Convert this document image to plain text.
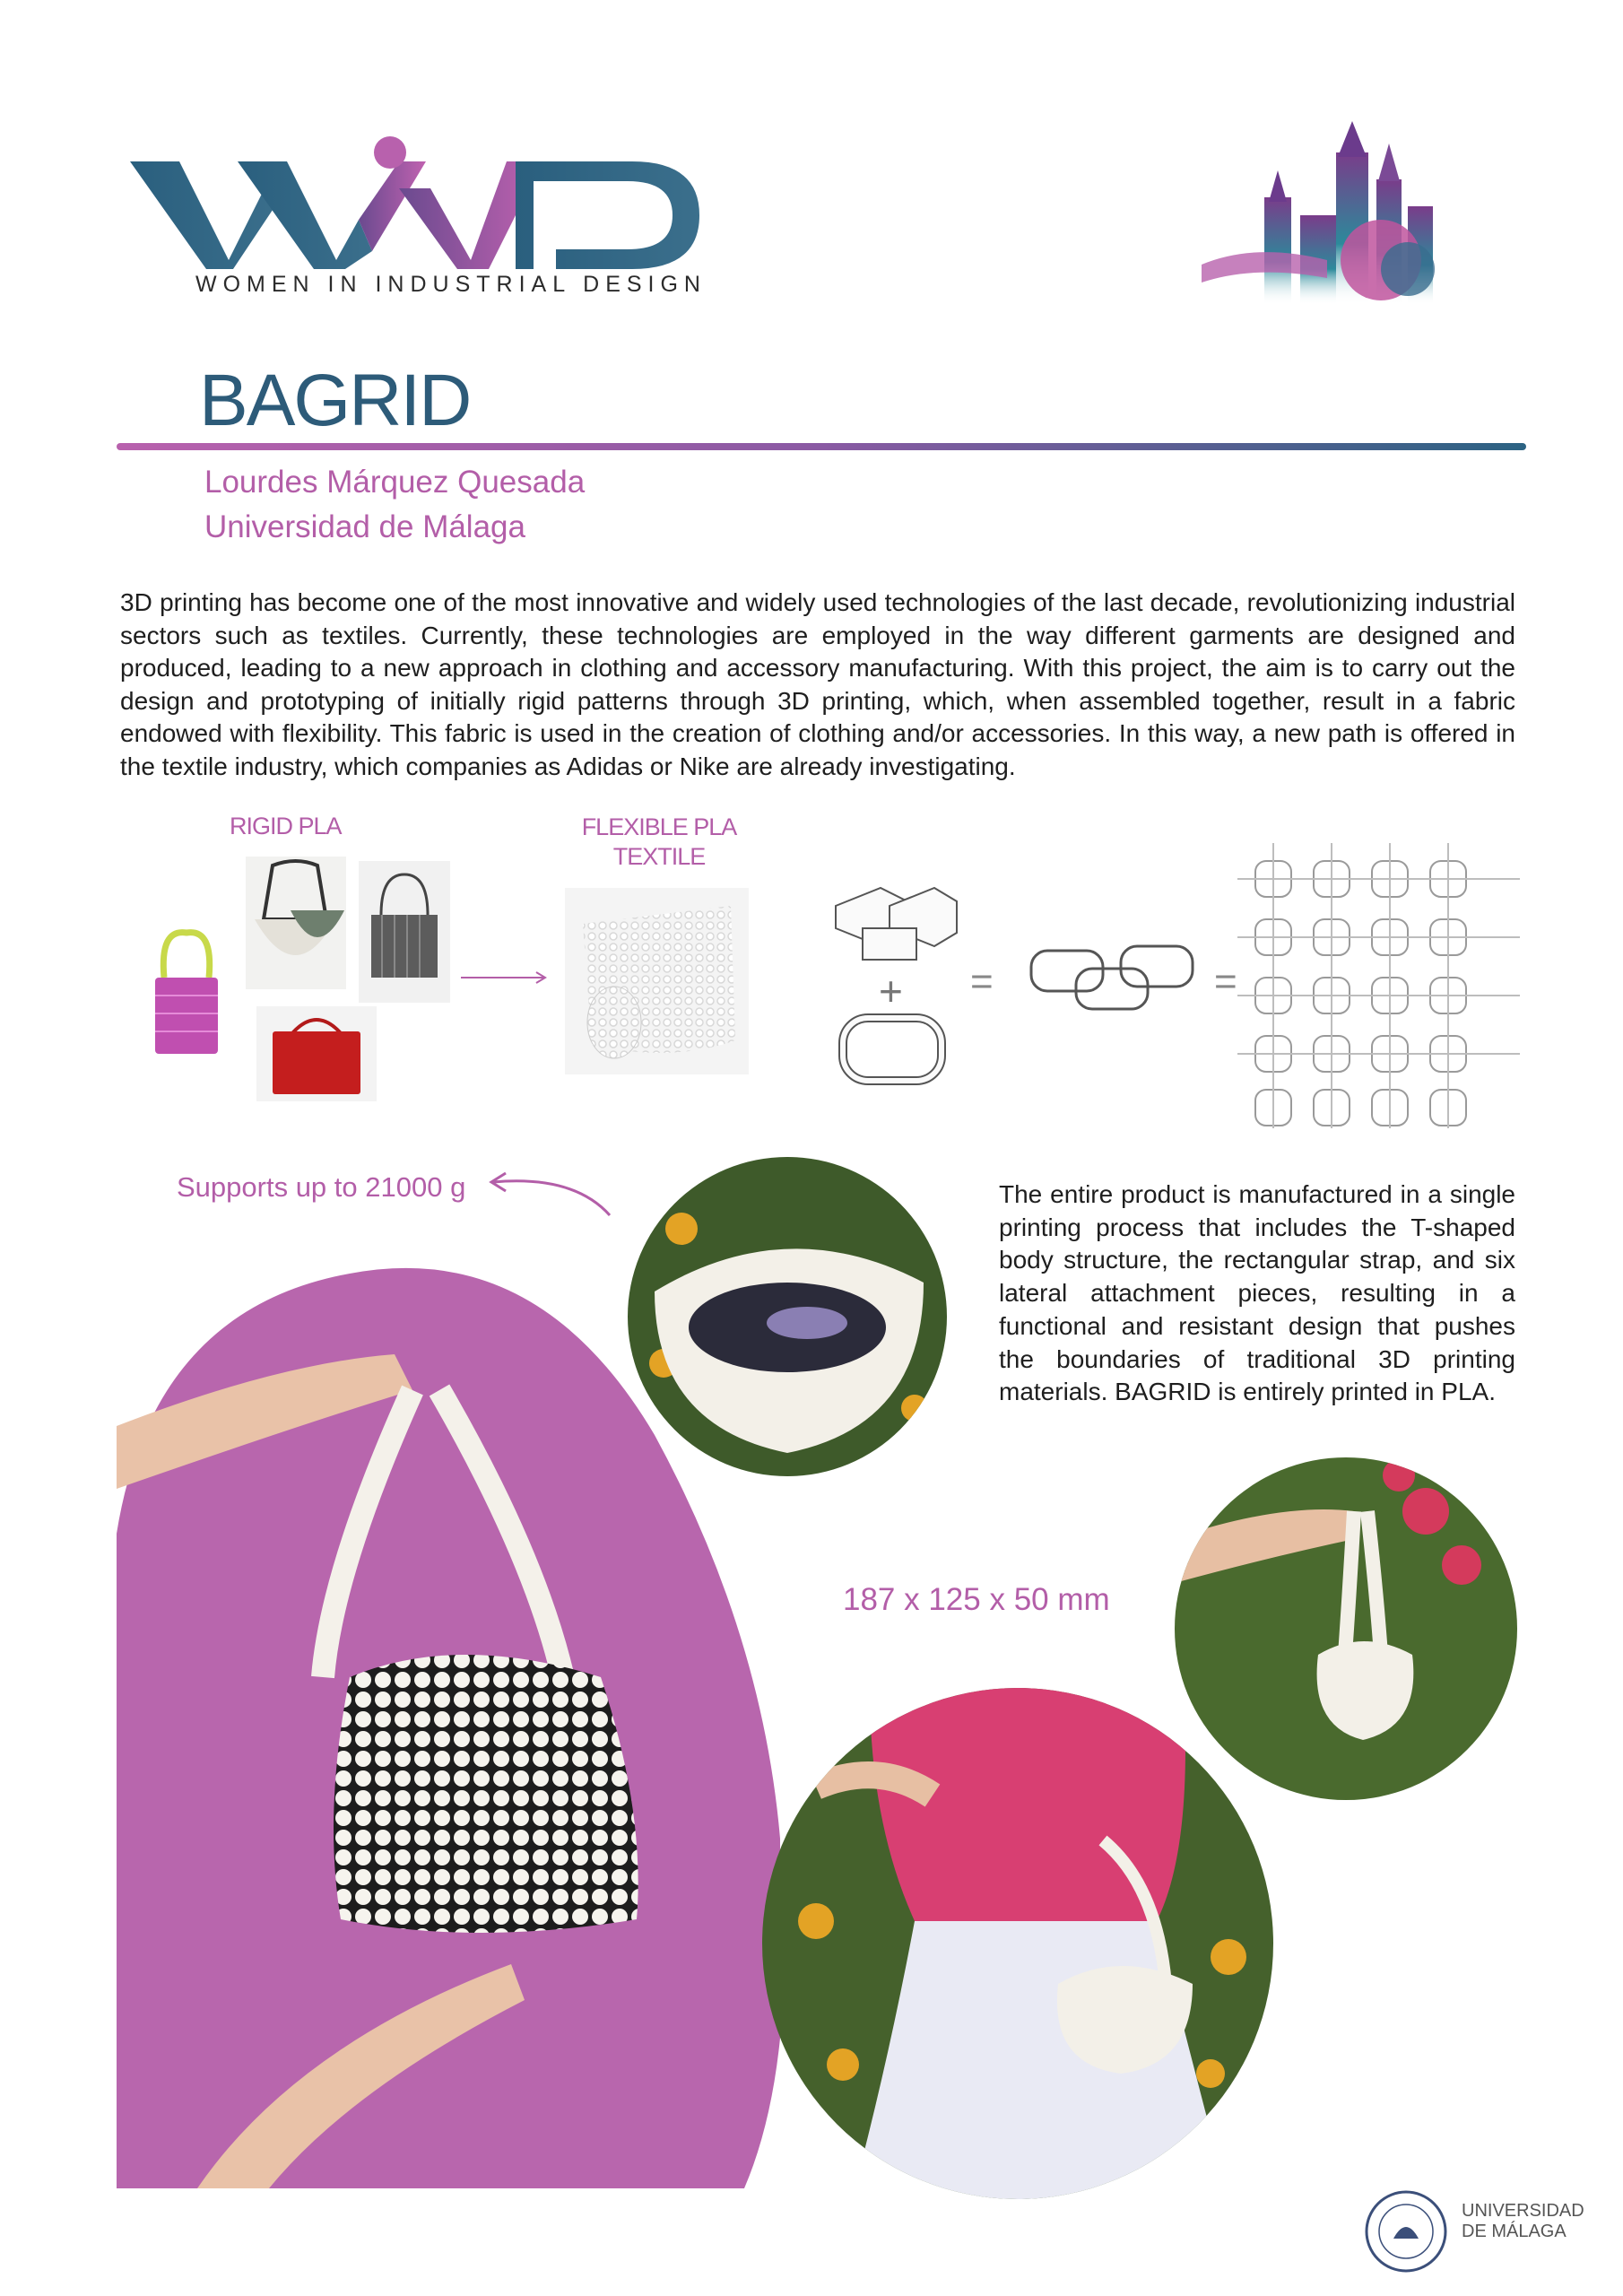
WOMEN IN INDUSTRIAL DESIGN
BAGRID
Lourdes Márquez Quesada
Universidad de Málaga
3D printing has become one of the most innovative and widely used technologies of the last decade, revolutionizing industrial sectors such as textiles. Currently, these technologies are employed in the way different garments are designed and produced, leading to a new approach in clothing and accessory manufacturing. With this project, the aim is to carry out the design and prototyping of initially rigid patterns through 3D printing, which, when assembled together, result in a fabric endowed with flexibility. This fabric is used in the creation of clothing and/or accessories. In this way, a new path is offered in the textile industry, which companies as Adidas or Nike are already investigating.
RIGID PLA	FLEXIBLE PLA
TEXTILE
+ =	=
Supports up to 21000 g	The entire product is manufactured in a single printing process that includes the T-shaped body structure, the rectangular strap, and six lateral attachment pieces, resulting in a functional and resistant design that pushes the boundaries of traditional 3D printing materials. BAGRID is entirely printed in PLA.
187 x 125 x 50 mm
UNIVERSIDAD
DE MÁLAGA
